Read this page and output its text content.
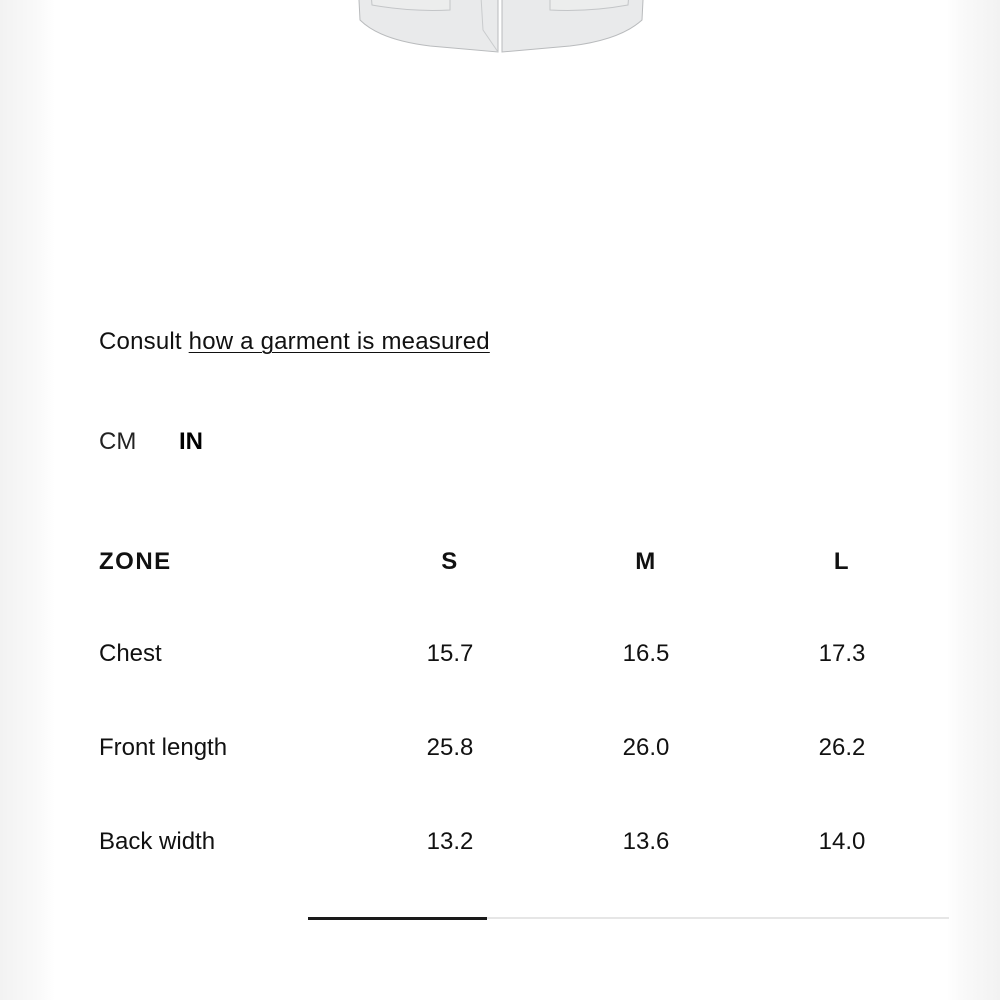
Consult how a garment is measured
CM	IN
ZONE	S	M	L
Chest	15.7	16.5	17.3
Front length	25.8	26.0	26.2
Back width	13.2	13.6	14.0
